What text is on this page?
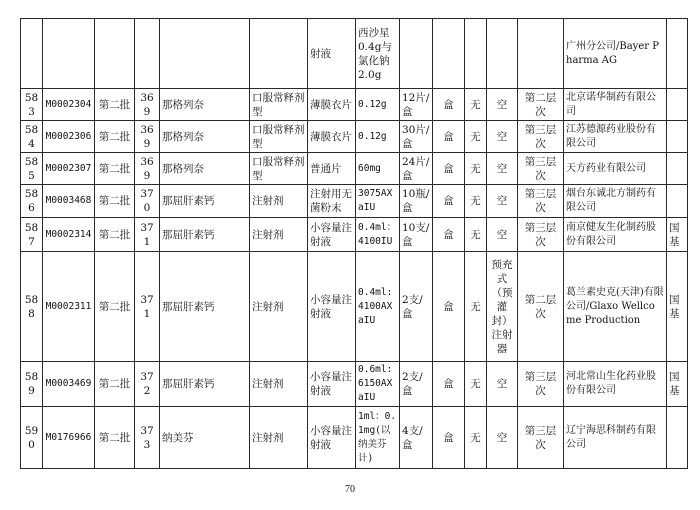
						射液	西沙星0.4g与氯化钠2.0g						广州分公司/Bayer Pharma AG	
583	M0002304	第二批	369	那格列奈	口服常释剂型	薄膜衣片	0.12g	12片/盒	盒	无	空	第二层次	北京诺华制药有限公司	
584	M0002306	第二批	369	那格列奈	口服常释剂型	薄膜衣片	0.12g	30片/盒	盒	无	空	第三层次	江苏德源药业股份有限公司	
585	M0002307	第二批	369	那格列奈	口服常释剂型	普通片	60mg	24片/盒	盒	无	空	第三层次	天方药业有限公司	
586	M0003468	第二批	370	那屈肝素钙	注射剂	注射用无菌粉末	3075AXaIU	10瓶/盒	盒	无	空	第三层次	烟台东诚北方制药有限公司	
587	M0002314	第二批	371	那屈肝素钙	注射剂	小容量注射液	0.4ml：4100IU	10支/盒	盒	无	空	第三层次	南京健友生化制药股份有限公司	国基
588	M0002311	第二批	371	那屈肝素钙	注射剂	小容量注射液	0.4ml:4100AXaIU	2支/盒	盒	无	预充式（预灌封）注射器	第二层次	葛兰素史克(天津)有限公司/Glaxo Wellcome Production	国基
589	M0003469	第二批	372	那屈肝素钙	注射剂	小容量注射液	0.6ml:6150AXaIU	2支/盒	盒	无	空	第三层次	河北常山生化药业股份有限公司	国基
590	M0176966	第二批	373	纳美芬	注射剂	小容量注射液	1ml：0.1mg(以纳美芬计)	4支/盒	盒	无	空	第三层次	辽宁海思科制药有限公司	
70
